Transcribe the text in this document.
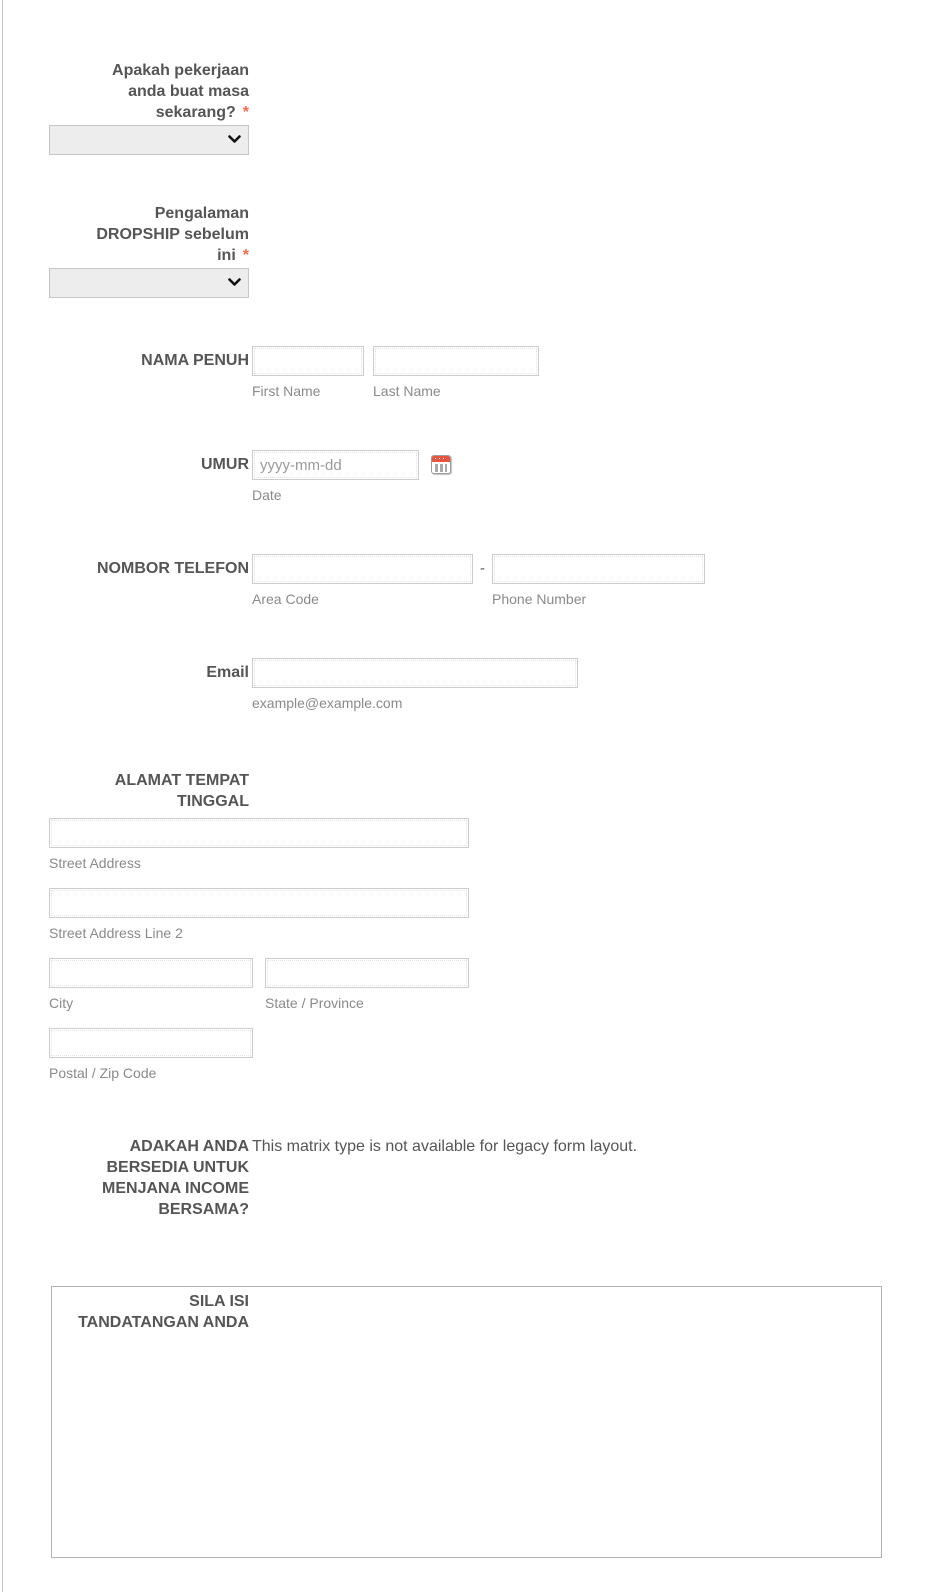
Apakah pekerjaan
anda buat masa
sekarang? *
Pengalaman
DROPSHIP sebelum
ini *
NAMA PENUH
First Name	Last Name
UMUR
yyyy-mm-dd
Date
NOMBOR TELEFON
Area Code
-
Phone Number
Email
example@example.com
ALAMAT TEMPAT
TINGGAL
Street Address
Street Address Line 2
City	State / Province
Postal / Zip Code
ADAKAH ANDA
BERSEDIA UNTUK
MENJANA INCOME
BERSAMA?
This matrix type is not available for legacy form layout.
SILA ISI
TANDATANGAN ANDA
